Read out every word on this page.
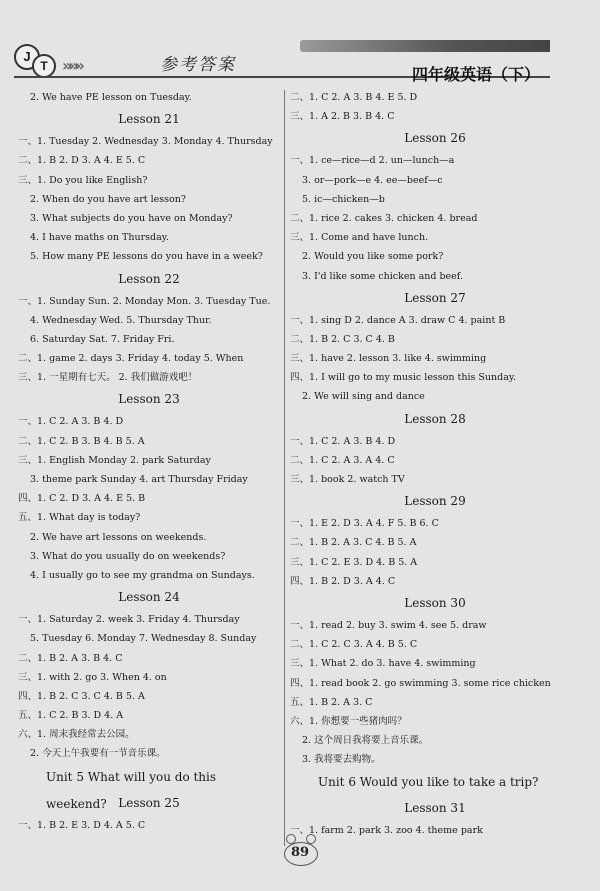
J
T »»»	参考答案	四年级英语（下）
2. We have PE lesson on Tuesday.
Lesson 21
一、1. Tuesday 2. Wednesday 3. Monday 4. Thursday
二、1. B 2. D 3. A 4. E 5. C
三、1. Do you like English?
2. When do you have art lesson?
3. What subjects do you have on Monday?
4. I have maths on Thursday.
5. How many PE lessons do you have in a week?
Lesson 22
一、1. Sunday Sun. 2. Monday Mon. 3. Tuesday Tue.
4. Wednesday Wed. 5. Thursday Thur.
6. Saturday Sat. 7. Friday Fri.
二、1. game 2. days 3. Friday 4. today 5. When
三、1. 一星期有七天。 2. 我们做游戏吧！
Lesson 23
一、1. C 2. A 3. B 4. D
二、1. C 2. B 3. B 4. B 5. A
三、1. English Monday 2. park Saturday
3. theme park Sunday 4. art Thursday Friday
四、1. C 2. D 3. A 4. E 5. B
五、1. What day is today?
2. We have art lessons on weekends.
3. What do you usually do on weekends?
4. I usually go to see my grandma on Sundays.
Lesson 24
一、1. Saturday 2. week 3. Friday 4. Thursday
5. Tuesday 6. Monday 7. Wednesday 8. Sunday
二、1. B 2. A 3. B 4. C
三、1. with 2. go 3. When 4. on
四、1. B 2. C 3. C 4. B 5. A
五、1. C 2. B 3. D 4. A
六、1. 周末我经常去公园。
2. 今天上午我要有一节音乐课。
Unit 5 What will you do this weekend? Lesson 25
一、1. B 2. E 3. D 4. A 5. C
二、1. C 2. A 3. B 4. E 5. D
三、1. A 2. B 3. B 4. C
Lesson 26
一、1. ce—rice—d 2. un—lunch—a
3. or—pork—e 4. ee—beef—c
5. ic—chicken—b
二、1. rice 2. cakes 3. chicken 4. bread
三、1. Come and have lunch.
2. Would you like some pork?
3. I'd like some chicken and beef.
Lesson 27
一、1. sing D 2. dance A 3. draw C 4. paint B
二、1. B 2. C 3. C 4. B
三、1. have 2. lesson 3. like 4. swimming
四、1. I will go to my music lesson this Sunday.
2. We will sing and dance
Lesson 28
一、1. C 2. A 3. B 4. D
二、1. C 2. A 3. A 4. C
三、1. book 2. watch TV
Lesson 29
一、1. E 2. D 3. A 4. F 5. B 6. C
二、1. B 2. A 3. C 4. B 5. A
三、1. C 2. E 3. D 4. B 5. A
四、1. B 2. D 3. A 4. C
Lesson 30
一、1. read 2. buy 3. swim 4. see 5. draw
二、1. C 2. C 3. A 4. B 5. C
三、1. What 2. do 3. have 4. swimming
四、1. read book 2. go swimming 3. some rice chicken
五、1. B 2. A 3. C
六、1. 你想要一些猪肉吗？
2. 这个周日我将要上音乐课。
3. 我将要去购物。
Unit 6 Would you like to take a trip?
Lesson 31
一、1. farm 2. park 3. zoo 4. theme park
89
